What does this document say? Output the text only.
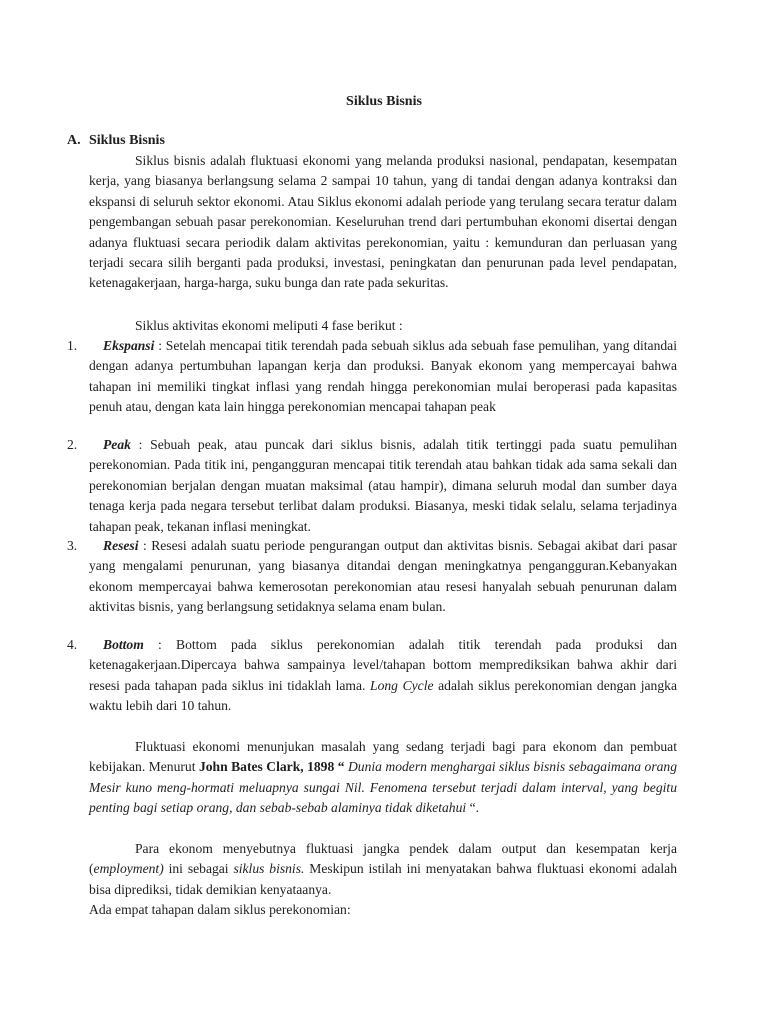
Siklus Bisnis
A. Siklus Bisnis
Siklus bisnis adalah fluktuasi ekonomi yang melanda produksi nasional, pendapatan, kesempatan kerja, yang biasanya berlangsung selama 2 sampai 10 tahun, yang di tandai dengan adanya kontraksi dan ekspansi di seluruh sektor ekonomi. Atau Siklus ekonomi adalah periode yang terulang secara teratur dalam pengembangan sebuah pasar perekonomian. Keseluruhan trend dari pertumbuhan ekonomi disertai dengan adanya fluktuasi secara periodik dalam aktivitas perekonomian, yaitu : kemunduran dan perluasan yang terjadi secara silih berganti pada produksi, investasi, peningkatan dan penurunan pada level pendapatan, ketenagakerjaan, harga-harga, suku bunga dan rate pada sekuritas.
Siklus aktivitas ekonomi meliputi 4 fase berikut :
1.	Ekspansi : Setelah mencapai titik terendah pada sebuah siklus ada sebuah fase pemulihan, yang ditandai dengan adanya pertumbuhan lapangan kerja dan produksi. Banyak ekonom yang mempercayai bahwa tahapan ini memiliki tingkat inflasi yang rendah hingga perekonomian mulai beroperasi pada kapasitas penuh atau, dengan kata lain hingga perekonomian mencapai tahapan peak
2.	Peak : Sebuah peak, atau puncak dari siklus bisnis, adalah titik tertinggi pada suatu pemulihan perekonomian. Pada titik ini, pengangguran mencapai titik terendah atau bahkan tidak ada sama sekali dan perekonomian berjalan dengan muatan maksimal (atau hampir), dimana seluruh modal dan sumber daya tenaga kerja pada negara tersebut terlibat dalam produksi. Biasanya, meski tidak selalu, selama terjadinya tahapan peak, tekanan inflasi meningkat.
3.	Resesi : Resesi adalah suatu periode pengurangan output dan aktivitas bisnis. Sebagai akibat dari pasar yang mengalami penurunan, yang biasanya ditandai dengan meningkatnya pengangguran.Kebanyakan ekonom mempercayai bahwa kemerosotan perekonomian atau resesi hanyalah sebuah penurunan dalam aktivitas bisnis, yang berlangsung setidaknya selama enam bulan.
4.	Bottom : Bottom pada siklus perekonomian adalah titik terendah pada produksi dan ketenagakerjaan.Dipercaya bahwa sampainya level/tahapan bottom memprediksikan bahwa akhir dari resesi pada tahapan pada siklus ini tidaklah lama. Long Cycle adalah siklus perekonomian dengan jangka waktu lebih dari 10 tahun.
Fluktuasi ekonomi menunjukan masalah yang sedang terjadi bagi para ekonom dan pembuat kebijakan. Menurut John Bates Clark, 1898 “ Dunia modern menghargai siklus bisnis sebagaimana orang Mesir kuno meng-hormati meluapnya sungai Nil. Fenomena tersebut terjadi dalam interval, yang begitu penting bagi setiap orang, dan sebab-sebab alaminya tidak diketahui “.
Para ekonom menyebutnya fluktuasi jangka pendek dalam output dan kesempatan kerja (employment) ini sebagai siklus bisnis. Meskipun istilah ini menyatakan bahwa fluktuasi ekonomi adalah bisa diprediksi, tidak demikian kenyataanya.
Ada empat tahapan dalam siklus perekonomian:
